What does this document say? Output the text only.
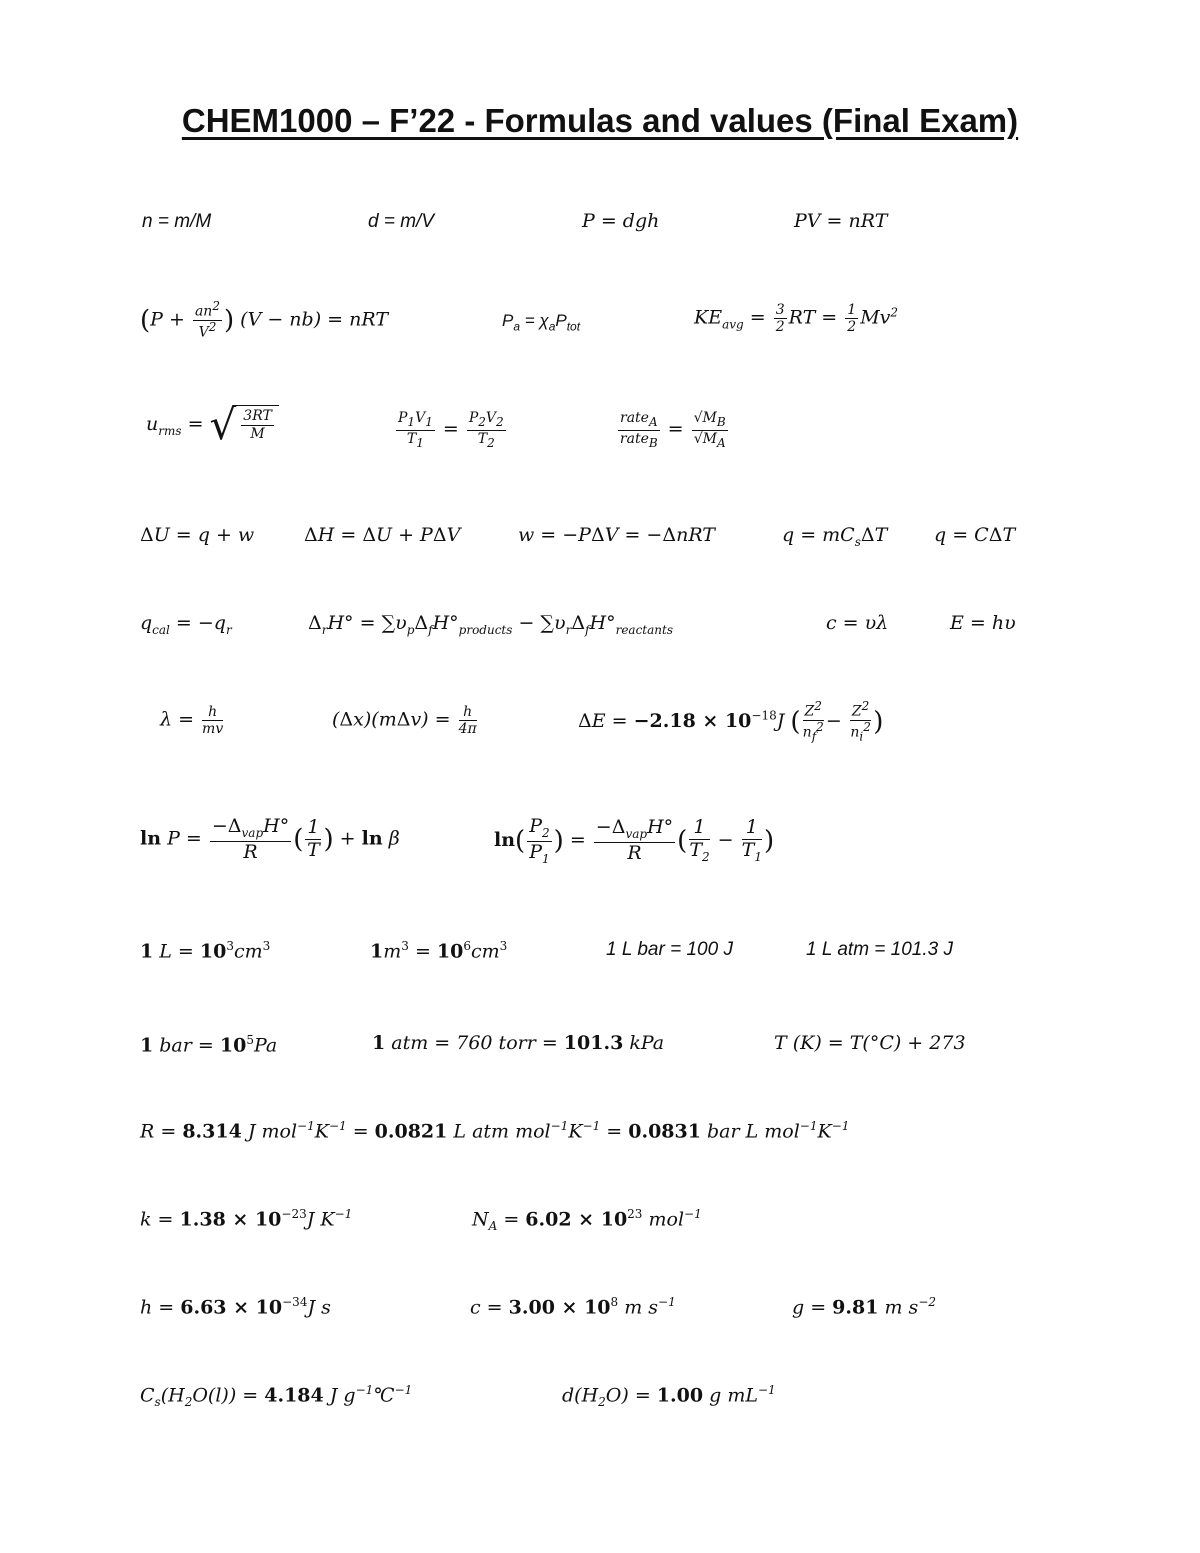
CHEM1000 – F’22 - Formulas and values (Final Exam)
n = m/M	d = m/V	P = dgh	PV = nRT
($P + \frac{an^2}{V^2}$ ) (V − nb) = nRT	$P_a = \chi_aP_{tot}$	$KE_{avg} = \frac{3}{2}$ RT = $\frac{1}{2} Mv^2$
$u_{rms}$ = √ $\frac{3RT}{M}$	$\frac{P_1V_1}{T_1} = \frac{P_2V_2}{T_2}$	$\frac{rate_A}{rate_B} = \frac{√M_B}{√M_A}$
ΔU = q + w	ΔH = ΔU + PΔV	w = −PΔV = −ΔnRT	$q = mC_s\Delta T$ q = CΔT
$q_{cal} = -q_r$	$\Delta_rH^\circ = \sum\upsilon_p\Delta_fH^\circ_{products} - \sum\upsilon_r\Delta_fH^\circ_{reactants}$	c = υλ	E = hυ
$\lambda = \frac{h}{mv}$	$(\Delta x)(m\Delta v) = \frac{h}{4\pi}$	$\Delta E = -2.18 \times 10^{-18}J$ ( $\frac{Z^2}{n_f^2} - \frac{Z^2}{n_i^2}$ )
$\ln P = \frac{-\Delta_{vap}H^\circ}{R}$ ( $\frac{1}{T}$ ) + ln β	$\ln( \frac{P_2}{P_1}$ ) = $\frac{-\Delta_{vap}H^\circ}{R}$ ( $\frac{1}{T_2} - \frac{1}{T_1}$ )
1 $L = 10^3cm^3$	$1m^3 = 10^6cm^3$	1 L bar = 100 J	1 L atm = 101.3 J
1 bar = $10^5Pa$	1 atm = 760 torr = 101.3 kPa	T (K) = T(°C) + 273
R = 8.314 J $mol^{-1}K^{-1} = 0.0821$ L atm $mol^{-1}K^{-1} = 0.0831$ bar L $mol^{-1}K^{-1}$
$k = 1.38 \times 10^{-23}J$ $K^{-1}$	$N_A = 6.02 \times 10^{23}$ mol$^{-1}$
$h = 6.63 \times 10^{-34}J$ s	$c = 3.00 \times 10^8$ m $s^{-1}$	g = 9.81 m $s^{-2}$
$C_s(H_2O(l)) = 4.184$ J $g^{-1}℃^{-1}$	$d(H_2O) = 1.00$ g $mL^{-1}$
